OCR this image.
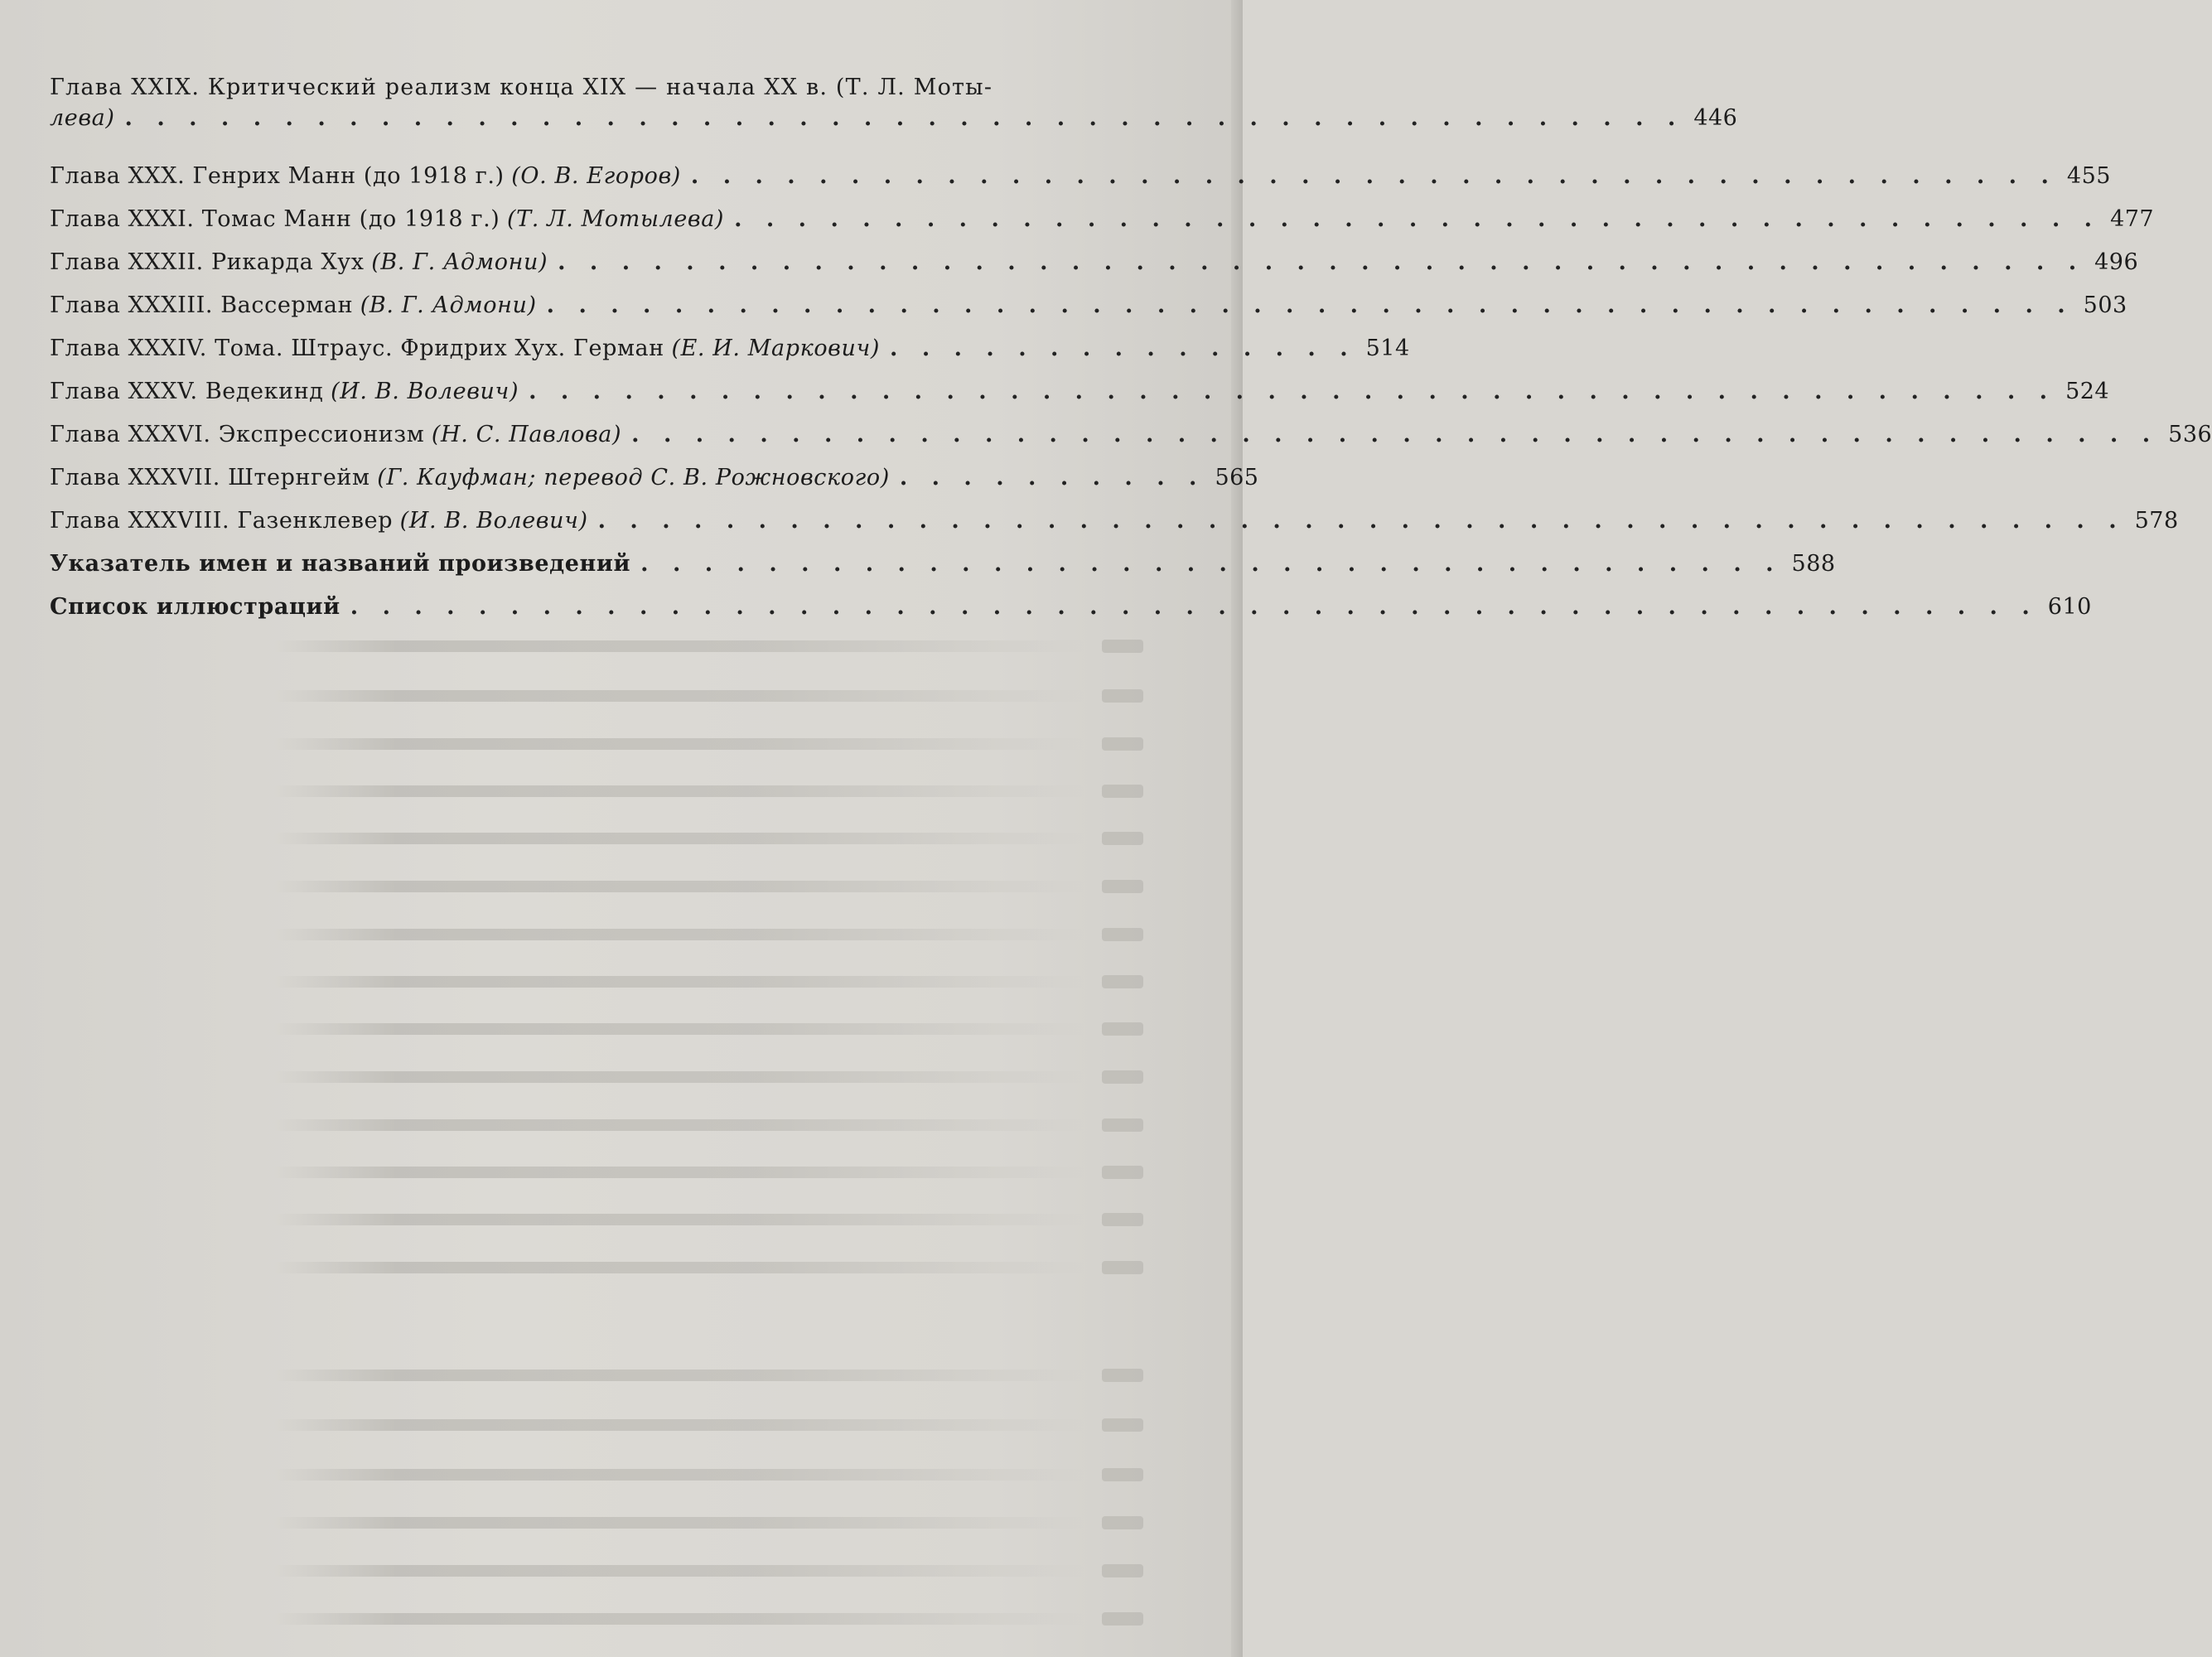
Глава XXIX. Критический реализм конца XIX — начала XX в. (Т. Л. Моты-
лева) . . . . . . . . . . . . . . . . . . . . . . . . . . . . . . . . . . . . . . . . . . . . . . . . . 446
Глава XXX. Генрих Манн (до 1918 г.)
(О. В. Егоров) . . . . . . . . . . . . . . . . . . . . . . . . . . . . . . . . . . . . . . . . . . . 455
Глава XXXI. Томас Манн (до 1918 г.)
(Т. Л. Мотылева) . . . . . . . . . . . . . . . . . . . . . . . . . . . . . . . . . . . . . . . . . . . 477
Глава XXXII. Рикарда Хух
(В. Г. Адмони) . . . . . . . . . . . . . . . . . . . . . . . . . . . . . . . . . . . . . . . . . . . . . . . . 496
Глава XXXIII. Вассерман
(В. Г. Адмони) . . . . . . . . . . . . . . . . . . . . . . . . . . . . . . . . . . . . . . . . . . . . . . . . 503
Глава XXXIV. Тома. Штраус. Фридрих Хух. Герман
(Е. И. Маркович) . . . . . . . . . . . . . . . 514
Глава XXXV. Ведекинд
(И. В. Волевич) . . . . . . . . . . . . . . . . . . . . . . . . . . . . . . . . . . . . . . . . . . . . . . . . 524
Глава XXXVI. Экспрессионизм
(Н. С. Павлова) . . . . . . . . . . . . . . . . . . . . . . . . . . . . . . . . . . . . . . . . . . . . . . . . 536
Глава XXXVII. Штернгейм
(Г. Кауфман; перевод С. В. Рожновского) . . . . . . . . . . 565
Глава XXXVIII. Газенклевер
(И. В. Волевич) . . . . . . . . . . . . . . . . . . . . . . . . . . . . . . . . . . . . . . . . . . . . . . . . 578
Указатель имен и названий произведений . . . . . . . . . . . . . . . . . . . . . . . . . . . . . . . . . . . . 588
Список иллюстраций . . . . . . . . . . . . . . . . . . . . . . . . . . . . . . . . . . . . . . . . . . . . . . . . . . . . . 610
